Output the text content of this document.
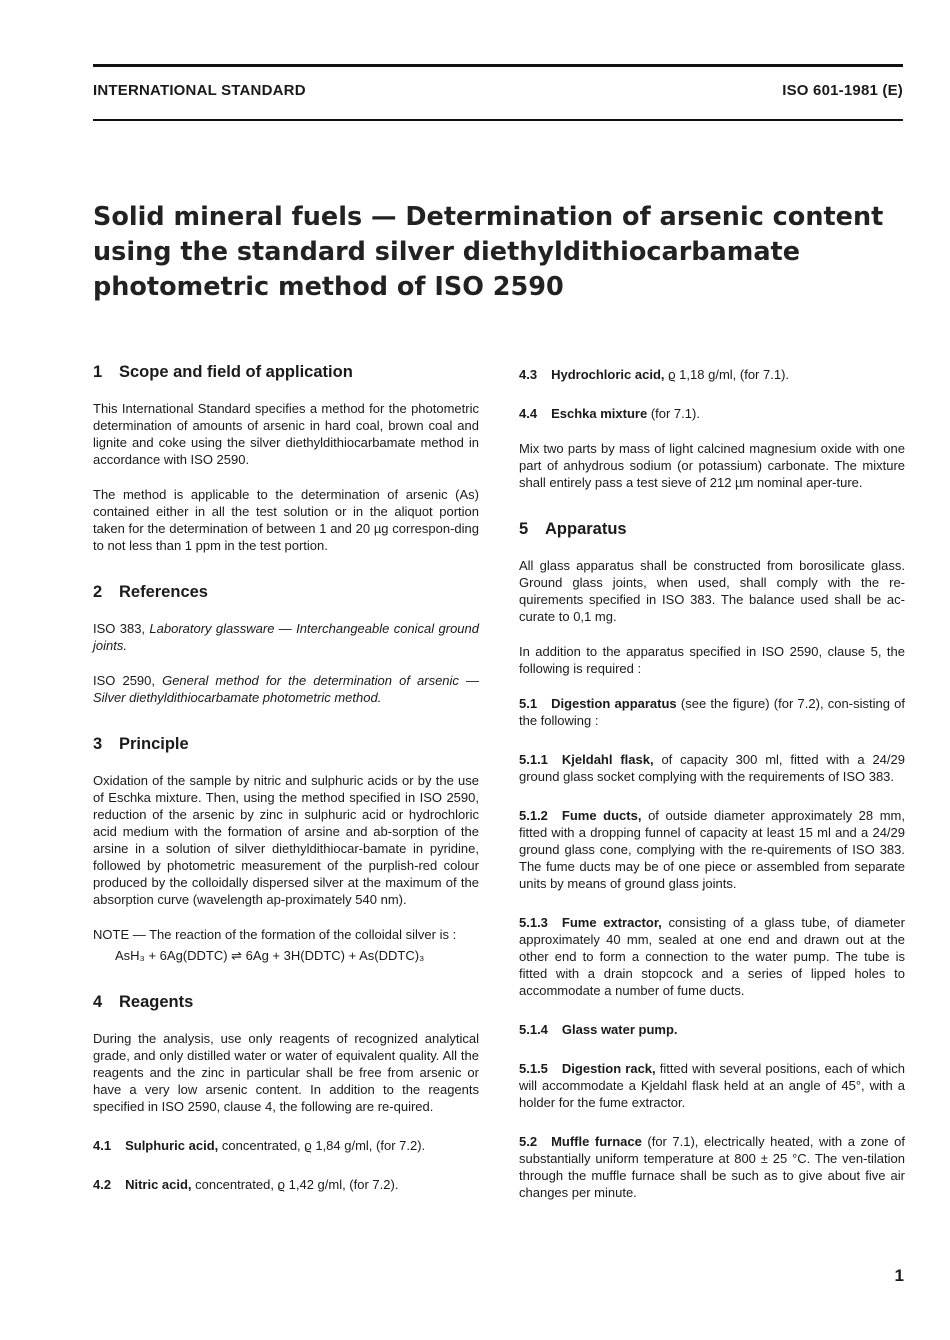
INTERNATIONAL STANDARD	ISO 601-1981 (E)
Solid mineral fuels — Determination of arsenic content
using the standard silver diethyldithiocarbamate
photometric method of ISO 2590
1 Scope and field of application

This International Standard specifies a method for the photometric determination of amounts of arsenic in hard coal, brown coal and lignite and coke using the silver diethyldithiocarbamate method in accordance with ISO 2590.

The method is applicable to the determination of arsenic (As) contained either in all the test solution or in the aliquot portion taken for the determination of between 1 and 20 µg correspon-ding to not less than 1 ppm in the test portion.

2 References

ISO 383, Laboratory glassware — Interchangeable conical ground joints.

ISO 2590, General method for the determination of arsenic — Silver diethyldithiocarbamate photometric method.

3 Principle

Oxidation of the sample by nitric and sulphuric acids or by the use of Eschka mixture. Then, using the method specified in ISO 2590, reduction of the arsenic by zinc in sulphuric acid or hydrochloric acid medium with the formation of arsine and ab-sorption of the arsine in a solution of silver diethyldithiocar-bamate in pyridine, followed by photometric measurement of the purplish-red colour produced by the colloidally dispersed silver at the maximum of the absorption curve (wavelength ap-proximately 540 nm).

NOTE — The reaction of the formation of the colloidal silver is :

AsH₃ + 6Ag(DDTC) ⇌ 6Ag + 3H(DDTC) + As(DDTC)₃

4 Reagents

During the analysis, use only reagents of recognized analytical grade, and only distilled water or water of equivalent quality. All the reagents and the zinc in particular shall be free from arsenic or have a very low arsenic content. In addition to the reagents specified in ISO 2590, clause 4, the following are re-quired.

4.1 Sulphuric acid, concentrated, ϱ 1,84 g/ml, (for 7.2).

4.2 Nitric acid, concentrated, ϱ 1,42 g/ml, (for 7.2).

4.3 Hydrochloric acid, ϱ 1,18 g/ml, (for 7.1).

4.4 Eschka mixture (for 7.1).

Mix two parts by mass of light calcined magnesium oxide with one part of anhydrous sodium (or potassium) carbonate. The mixture shall entirely pass a test sieve of 212 µm nominal aper-ture.

5 Apparatus

All glass apparatus shall be constructed from borosilicate glass. Ground glass joints, when used, shall comply with the re-quirements specified in ISO 383. The balance used shall be ac-curate to 0,1 mg.

In addition to the apparatus specified in ISO 2590, clause 5, the following is required :

5.1 Digestion apparatus (see the figure) (for 7.2), con-sisting of the following :

5.1.1 Kjeldahl flask, of capacity 300 ml, fitted with a 24/29 ground glass socket complying with the requirements of ISO 383.

5.1.2 Fume ducts, of outside diameter approximately 28 mm, fitted with a dropping funnel of capacity at least 15 ml and a 24/29 ground glass cone, complying with the re-quirements of ISO 383. The fume ducts may be of one piece or assembled from separate units by means of ground glass joints.

5.1.3 Fume extractor, consisting of a glass tube, of diameter approximately 40 mm, sealed at one end and drawn out at the other end to form a connection to the water pump. The tube is fitted with a drain stopcock and a series of lipped holes to accommodate a number of fume ducts.

5.1.4 Glass water pump.

5.1.5 Digestion rack, fitted with several positions, each of which will accommodate a Kjeldahl flask held at an angle of 45°, with a holder for the fume extractor.

5.2 Muffle furnace (for 7.1), electrically heated, with a zone of substantially uniform temperature at 800 ± 25 °C. The ven-tilation through the muffle furnace shall be such as to give about five air changes per minute.

1
